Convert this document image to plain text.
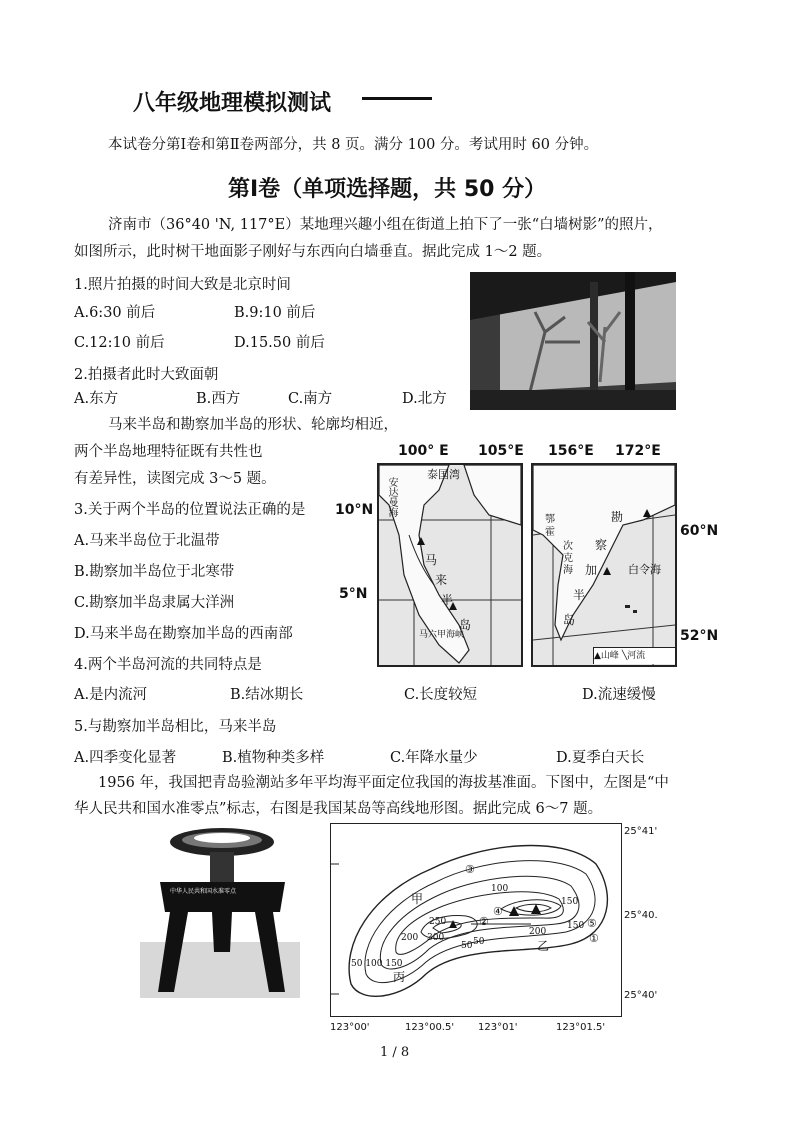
八年级地理模拟测试
本试卷分第Ⅰ卷和第Ⅱ卷两部分，共 8 页。满分 100 分。考试用时 60 分钟。
第Ⅰ卷（单项选择题，共 50 分）
济南市（36°40 'N, 117°E）某地理兴趣小组在街道上拍下了一张“白墙树影”的照片，
如图所示，此时树干地面影子刚好与东西向白墙垂直。据此完成 1～2 题。
1.照片拍摄的时间大致是北京时间
A.6:30 前后	B.9:10 前后
C.12:10 前后	D.15.50 前后
2.拍摄者此时大致面朝
A.东方	B.西方	C.南方	D.北方
马来半岛和勘察加半岛的形状、轮廓均相近，
两个半岛地理特征既有共性也
有差异性，读图完成 3～5 题。
3.关于两个半岛的位置说法正确的是
A.马来半岛位于北温带
B.勘察加半岛位于北寒带
C.勘察加半岛隶属大洋洲
D.马来半岛在勘察加半岛的西南部
100° E 105°E
10°N
5°N
泰国湾
安达曼海
马
来
半
岛
马六甲海峡
156°E 172°E
60°N
52°N
鄂
霍
次
克
海
勘
察
加
半
岛
白令海
▲山峰 ╲河流
4.两个半岛河流的共同特点是
A.是内流河	B.结冰期长	C.长度较短	D.流速缓慢
5.与勘察加半岛相比，马来半岛
A.四季变化显著	B.植物种类多样	C.年降水量少	D.夏季白天长
1956 年，我国把青岛验潮站多年平均海平面定位我国的海拔基准面。下图中，左图是“中
华人民共和国水准零点”标志，右图是我国某岛等高线地形图。据此完成 6～7 题。
中华人民共和国水准零点
甲
乙
丙
100
150
200
150
250
300
200	50
50
50 100 150
①
②
③
④
⑤
25°41'
25°40.
25°40'
123°00'	123°00.5' 123°01'	123°01.5'
1 / 8
